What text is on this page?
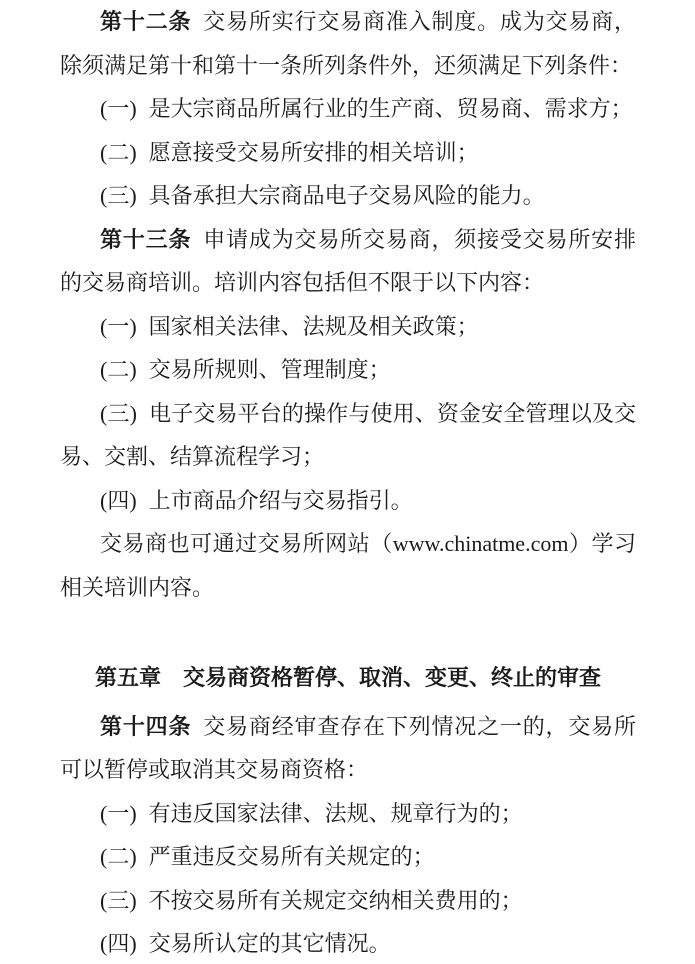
第十二条 交易所实行交易商准入制度。成为交易商，除须满足第十和第十一条所列条件外，还须满足下列条件：

(一) 是大宗商品所属行业的生产商、贸易商、需求方；

(二) 愿意接受交易所安排的相关培训；

(三) 具备承担大宗商品电子交易风险的能力。

第十三条 申请成为交易所交易商，须接受交易所安排的交易商培训。培训内容包括但不限于以下内容：

(一) 国家相关法律、法规及相关政策；

(二) 交易所规则、管理制度；

(三) 电子交易平台的操作与使用、资金安全管理以及交易、交割、结算流程学习；

(四) 上市商品介绍与交易指引。

交易商也可通过交易所网站（www.chinatme.com）学习相关培训内容。

第五章 交易商资格暂停、取消、变更、终止的审查

第十四条 交易商经审查存在下列情况之一的，交易所可以暂停或取消其交易商资格：

(一) 有违反国家法律、法规、规章行为的；

(二) 严重违反交易所有关规定的；

(三) 不按交易所有关规定交纳相关费用的；

(四) 交易所认定的其它情况。
